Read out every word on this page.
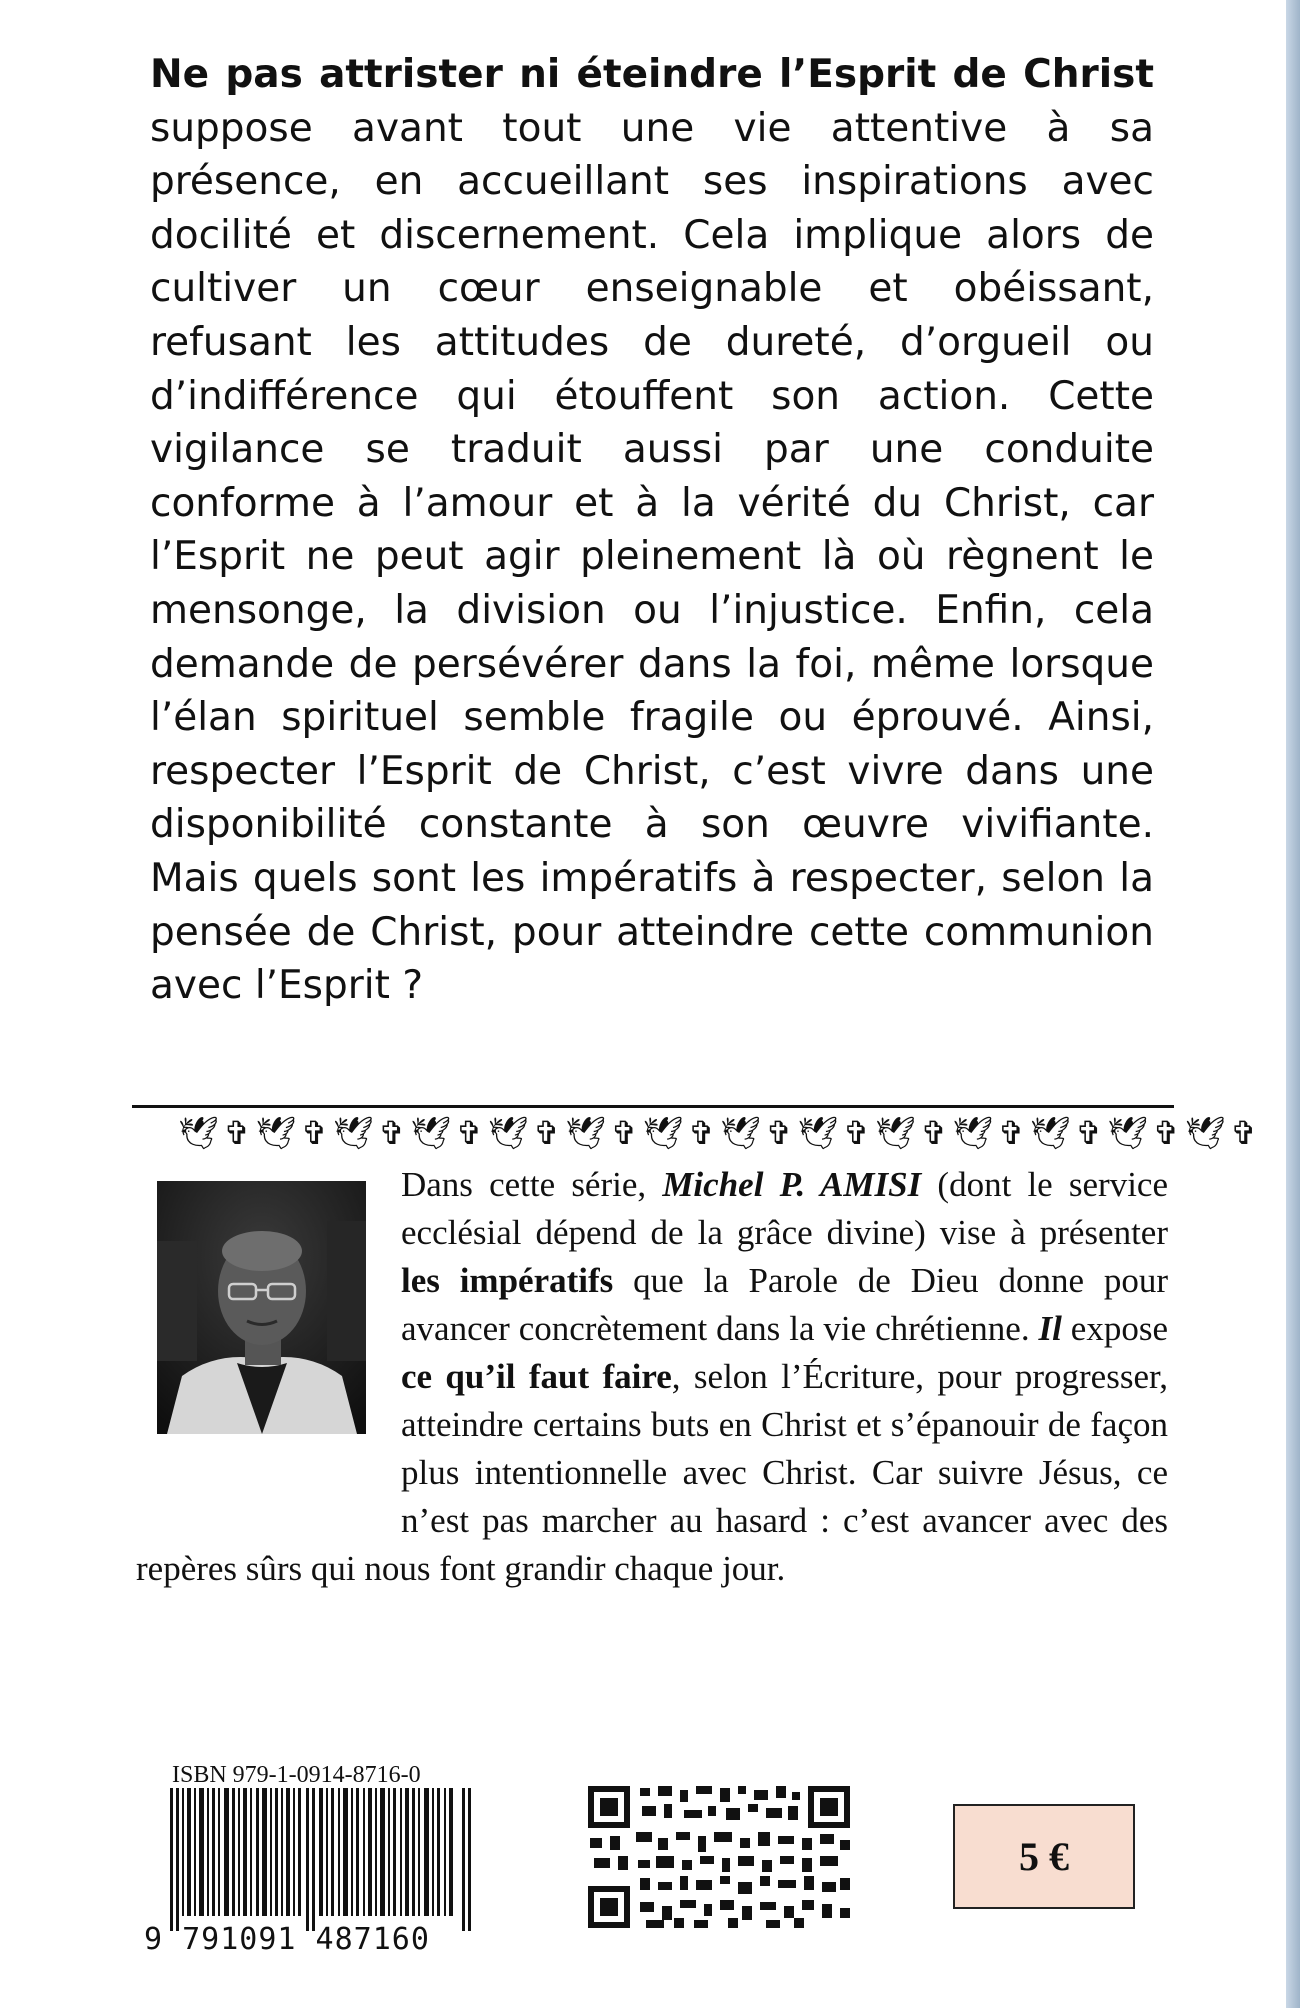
Ne pas attrister ni éteindre l’Esprit de Christ suppose avant tout une vie attentive à sa présence, en accueillant ses inspirations avec docilité et discernement. Cela implique alors de cultiver un cœur enseignable et obéissant, refusant les attitudes de dureté, d’orgueil ou d’indifférence qui étouffent son action. Cette vigilance se traduit aussi par une conduite conforme à l’amour et à la vérité du Christ, car l’Esprit ne peut agir pleinement là où règnent le mensonge, la division ou l’injustice. Enfin, cela demande de persévérer dans la foi, même lorsque l’élan spirituel semble fragile ou éprouvé. Ainsi, respecter l’Esprit de Christ, c’est vivre dans une disponibilité constante à son œuvre vivifiante. Mais quels sont les impératifs à respecter, selon la pensée de Christ, pour atteindre cette communion avec l’Esprit ?

🕊✞🕊✞🕊✞🕊✞🕊✞🕊✞🕊✞🕊✞🕊✞🕊✞🕊✞🕊✞🕊✞🕊✞

Dans cette série, Michel P. AMISI (dont le service ecclésial dépend de la grâce divine) vise à présenter les impératifs que la Parole de Dieu donne pour avancer concrètement dans la vie chrétienne. Il expose ce qu’il faut faire, selon l’Écriture, pour progresser, atteindre certains buts en Christ et s’épanouir de façon plus intentionnelle avec Christ. Car suivre Jésus, ce n’est pas marcher au hasard : c’est avancer avec des repères sûrs qui nous font grandir chaque jour.

ISBN 979-1-0914-8716-0
9 791091 487160
5 €
